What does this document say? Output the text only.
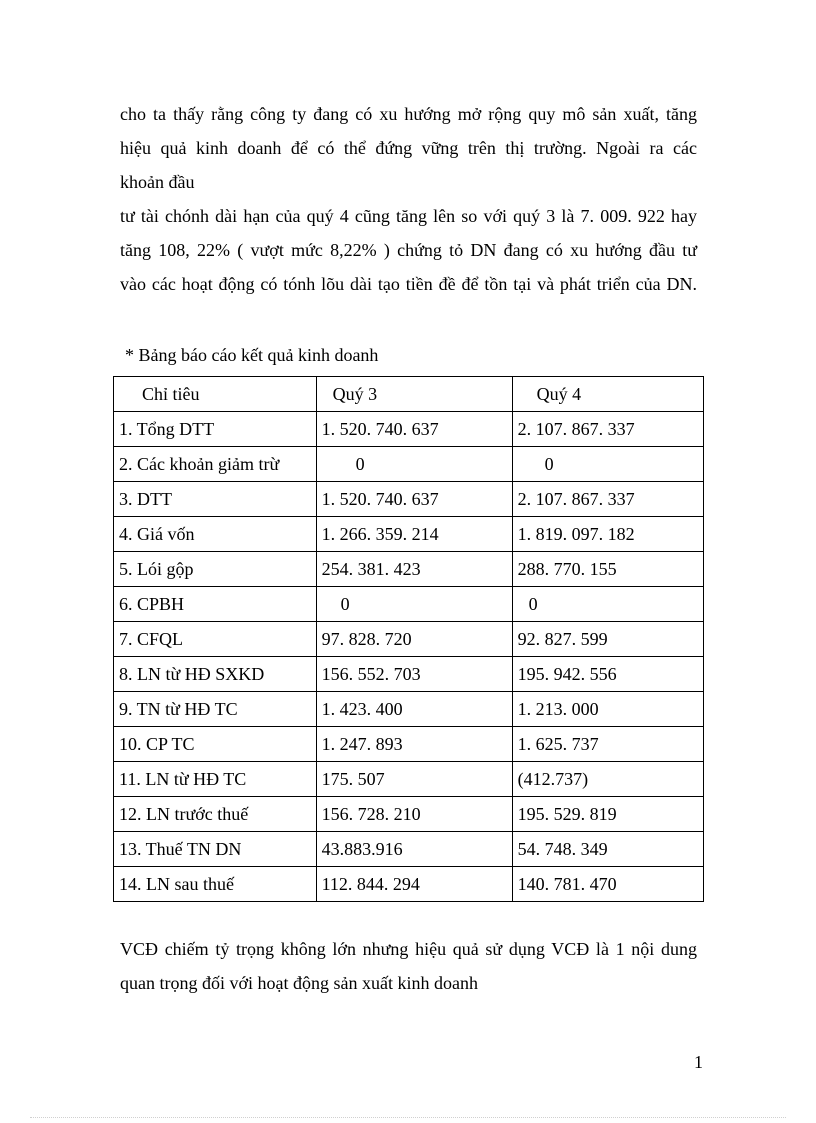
cho ta thấy rằng công ty đang có xu hướng mở rộng quy mô sản xuất, tăng
hiệu quả kinh doanh để có thể đứng vững trên thị trường. Ngoài ra các
khoản đầu
tư tài chónh dài hạn của quý 4 cũng tăng lên so với quý 3 là 7. 009. 922 hay
tăng 108, 22% ( vượt mức 8,22% ) chứng tỏ DN đang có xu hướng đầu tư
vào các hoạt động có tónh lõu dài tạo tiền đề để tồn tại và phát triển của DN.
* Bảng báo cáo kết quả kinh doanh
Chỉ tiêu	Quý 3	Quý 4
1. Tổng DTT	1. 520. 740. 637	2. 107. 867. 337
2. Các khoản giảm trừ	0	0
3. DTT	1. 520. 740. 637	2. 107. 867. 337
4. Giá vốn	1. 266. 359. 214	1. 819. 097. 182
5. Lói gộp	254. 381. 423	288. 770. 155
6. CPBH	0	0
7. CFQL	97. 828. 720	92. 827. 599
8. LN từ HĐ SXKD	156. 552. 703	195. 942. 556
9. TN từ HĐ TC	1. 423. 400	1. 213. 000
10. CP TC	1. 247. 893	1. 625. 737
11. LN từ HĐ TC	175. 507	(412.737)
12. LN trước thuế	156. 728. 210	195. 529. 819
13. Thuế TN DN	43.883.916	54. 748. 349
14. LN sau thuế	112. 844. 294	140. 781. 470
VCĐ chiếm tỷ trọng không lớn nhưng hiệu quả sử dụng VCĐ là 1 nội dung
quan trọng đối với hoạt động sản xuất kinh doanh
1
